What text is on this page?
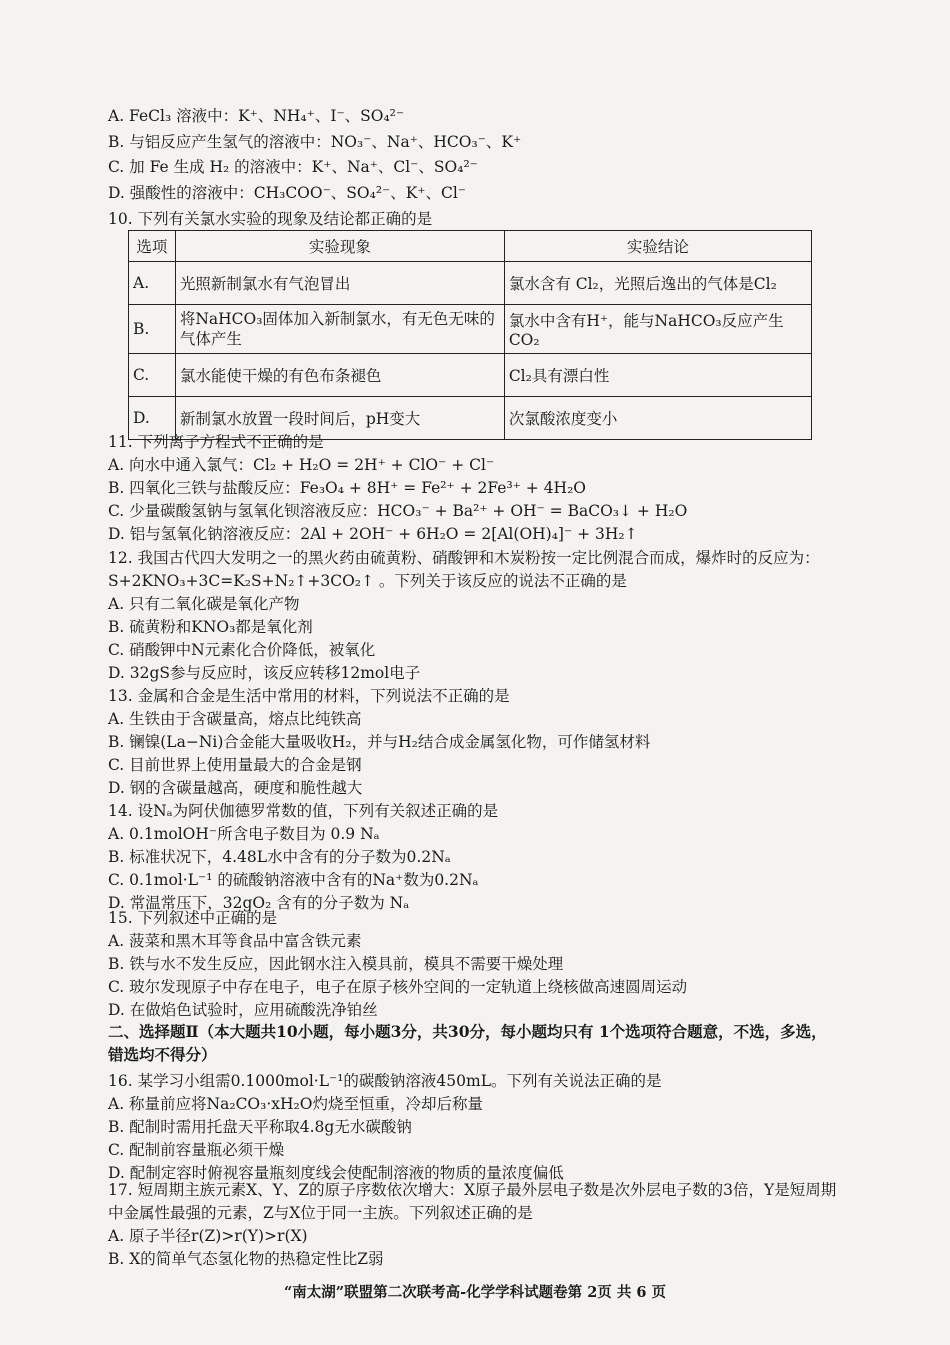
A. FeCl₃ 溶液中：K⁺、NH₄⁺、I⁻、SO₄²⁻
B. 与铝反应产生氢气的溶液中：NO₃⁻、Na⁺、HCO₃⁻、K⁺
C. 加 Fe 生成 H₂ 的溶液中：K⁺、Na⁺、Cl⁻、SO₄²⁻
D. 强酸性的溶液中：CH₃COO⁻、SO₄²⁻、K⁺、Cl⁻
10. 下列有关氯水实验的现象及结论都正确的是
选项	实验现象	实验结论
A.	光照新制氯水有气泡冒出	氯水含有 Cl₂，光照后逸出的气体是Cl₂
B.	将NaHCO₃固体加入新制氯水，有无色无味的气体产生	氯水中含有H⁺，能与NaHCO₃反应产生CO₂
C.	氯水能使干燥的有色布条褪色	Cl₂具有漂白性
D.	新制氯水放置一段时间后，pH变大	次氯酸浓度变小
11. 下列离子方程式不正确的是
A. 向水中通入氯气：Cl₂ + H₂O = 2H⁺ + ClO⁻ + Cl⁻
B. 四氧化三铁与盐酸反应：Fe₃O₄ + 8H⁺ = Fe²⁺ + 2Fe³⁺ + 4H₂O
C. 少量碳酸氢钠与氢氧化钡溶液反应：HCO₃⁻ + Ba²⁺ + OH⁻ = BaCO₃↓ + H₂O
D. 铝与氢氧化钠溶液反应：2Al + 2OH⁻ + 6H₂O = 2[Al(OH)₄]⁻ + 3H₂↑
12. 我国古代四大发明之一的黑火药由硫黄粉、硝酸钾和木炭粉按一定比例混合而成，爆炸时的反应为：
S+2KNO₃+3C=K₂S+N₂↑+3CO₂↑ 。下列关于该反应的说法不正确的是
A. 只有二氧化碳是氧化产物
B. 硫黄粉和KNO₃都是氧化剂
C. 硝酸钾中N元素化合价降低，被氧化
D. 32gS参与反应时，该反应转移12mol电子
13. 金属和合金是生活中常用的材料，下列说法不正确的是
A. 生铁由于含碳量高，熔点比纯铁高
B. 镧镍(La−Ni)合金能大量吸收H₂，并与H₂结合成金属氢化物，可作储氢材料
C. 目前世界上使用量最大的合金是钢
D. 钢的含碳量越高，硬度和脆性越大
14. 设Nₐ为阿伏伽德罗常数的值，下列有关叙述正确的是
A. 0.1molOH⁻所含电子数目为 0.9 Nₐ
B. 标准状况下，4.48L水中含有的分子数为0.2Nₐ
C. 0.1mol·L⁻¹ 的硫酸钠溶液中含有的Na⁺数为0.2Nₐ
D. 常温常压下，32gO₂ 含有的分子数为 Nₐ
15. 下列叙述中正确的是
A. 菠菜和黑木耳等食品中富含铁元素
B. 铁与水不发生反应，因此钢水注入模具前，模具不需要干燥处理
C. 玻尔发现原子中存在电子，电子在原子核外空间的一定轨道上绕核做高速圆周运动
D. 在做焰色试验时，应用硫酸洗净铂丝
二、选择题Ⅱ（本大题共10小题，每小题3分，共30分，每小题均只有 1个选项符合题意，不选，多选，
错选均不得分）
16. 某学习小组需0.1000mol·L⁻¹的碳酸钠溶液450mL。下列有关说法正确的是
A. 称量前应将Na₂CO₃·xH₂O灼烧至恒重，冷却后称量
B. 配制时需用托盘天平称取4.8g无水碳酸钠
C. 配制前容量瓶必须干燥
D. 配制定容时俯视容量瓶刻度线会使配制溶液的物质的量浓度偏低
17. 短周期主族元素X、Y、Z的原子序数依次增大：X原子最外层电子数是次外层电子数的3倍，Y是短周期
中金属性最强的元素，Z与X位于同一主族。下列叙述正确的是
A. 原子半径r(Z)>r(Y)>r(X)
B. X的简单气态氢化物的热稳定性比Z弱
“南太湖”联盟第二次联考高-化学学科试题卷第 2页 共 6 页
